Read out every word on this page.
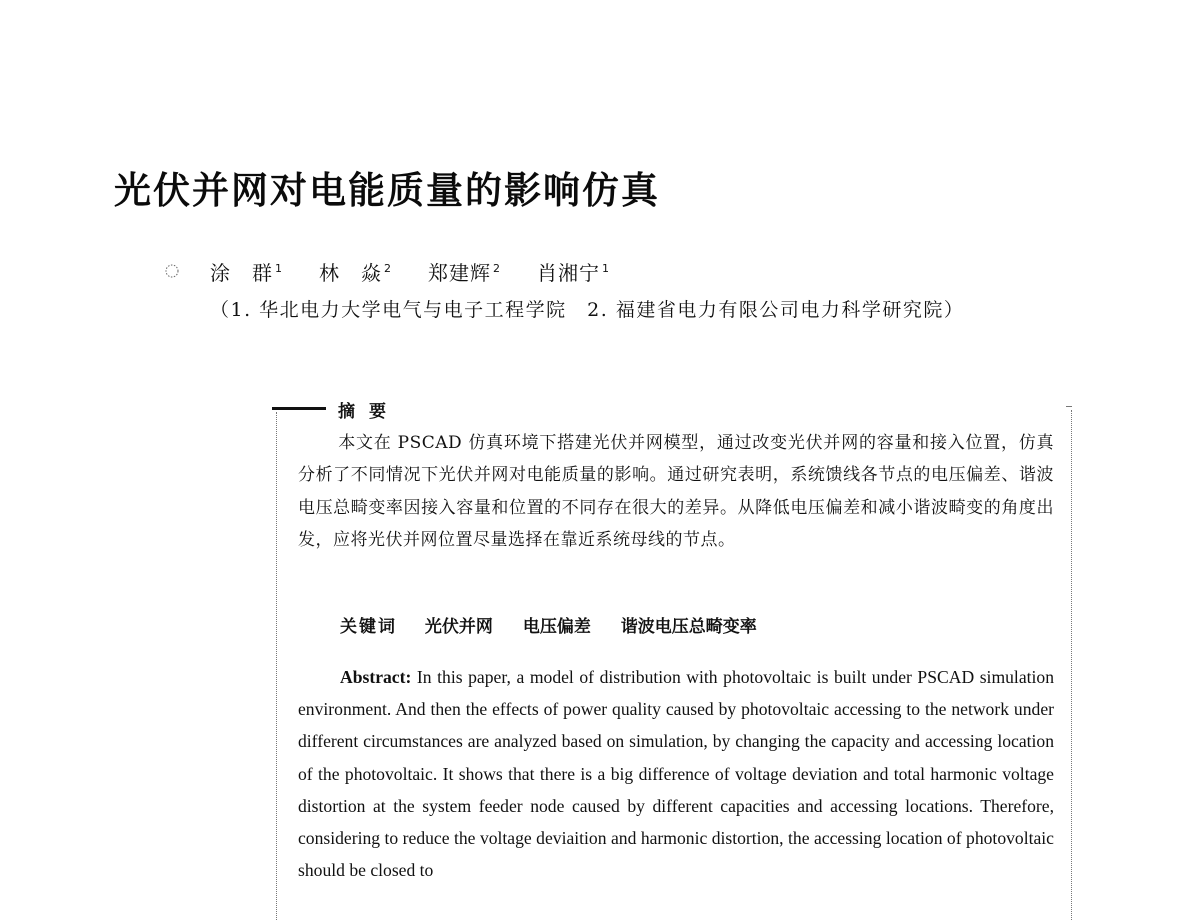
光伏并网对电能质量的影响仿真
涂　群 $^1$ 林　焱 $^2$ 郑建辉 $^2$ 肖湘宁 $^1$
（1. 华北电力大学电气与电子工程学院　2. 福建省电力有限公司电力科学研究院）
摘要

本文在 PSCAD 仿真环境下搭建光伏并网模型，通过改变光伏并网的容量和接入位置，仿真分析了不同情况下光伏并网对电能质量的影响。通过研究表明，系统馈线各节点的电压偏差、谐波电压总畸变率因接入容量和位置的不同存在很大的差异。从降低电压偏差和减小谐波畸变的角度出发，应将光伏并网位置尽量选择在靠近系统母线的节点。

关键词 光伏并网 电压偏差 谐波电压总畸变率

Abstract: In this paper, a model of distribution with photovoltaic is built under PSCAD simulation environment. And then the effects of power quality caused by photovoltaic accessing to the network under different circumstances are analyzed based on simulation, by changing the capacity and accessing location of the photovoltaic. It shows that there is a big difference of voltage deviation and total harmonic voltage distortion at the system feeder node caused by different capacities and accessing locations. Therefore, considering to reduce the voltage deviaition and harmonic distortion, the accessing location of photovoltaic should be closed to
